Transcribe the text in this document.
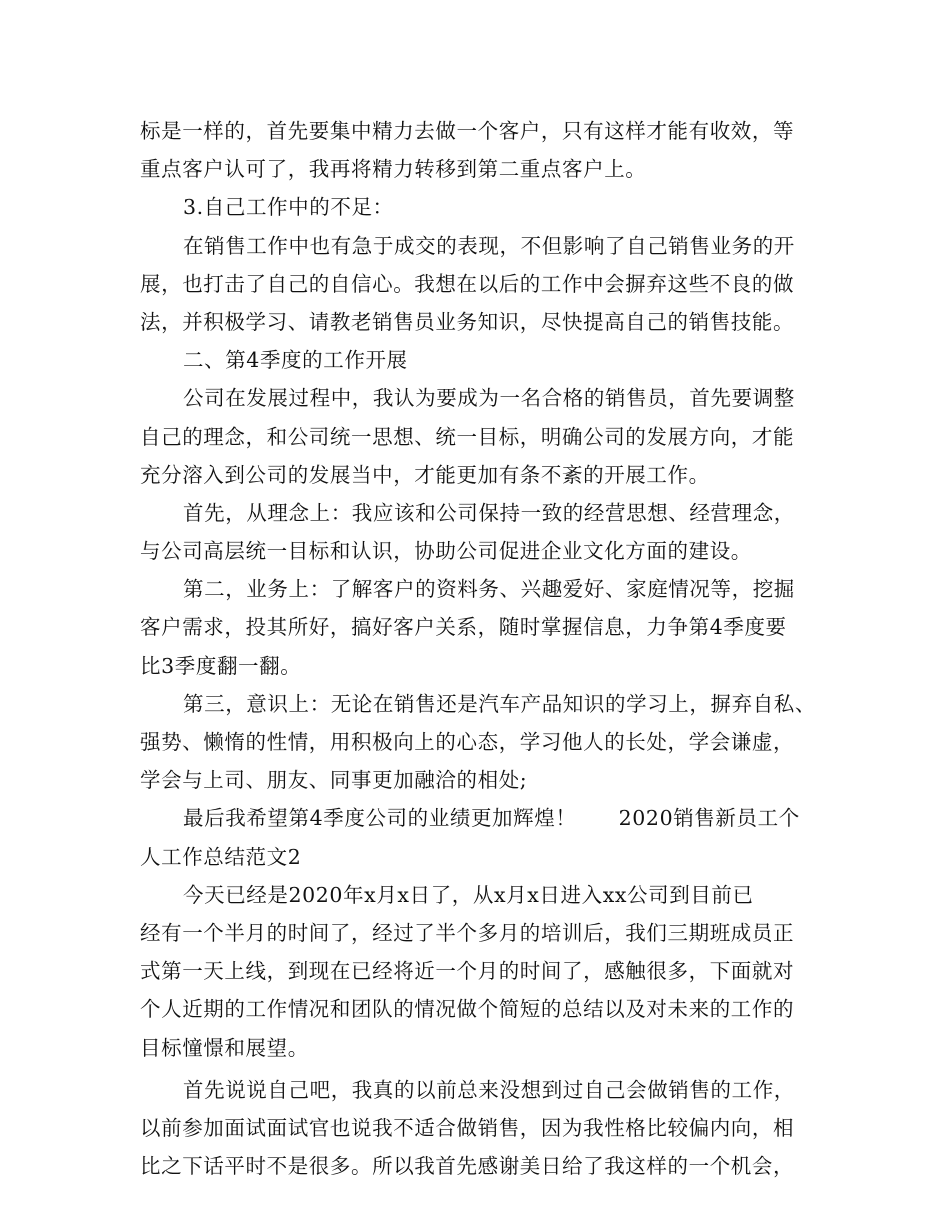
标是一样的，首先要集中精力去做一个客户，只有这样才能有收效，等
重点客户认可了，我再将精力转移到第二重点客户上。
3.自己工作中的不足：
在销售工作中也有急于成交的表现，不但影响了自己销售业务的开
展，也打击了自己的自信心。我想在以后的工作中会摒弃这些不良的做
法，并积极学习、请教老销售员业务知识，尽快提高自己的销售技能。
二、第4季度的工作开展
公司在发展过程中，我认为要成为一名合格的销售员，首先要调整
自己的理念，和公司统一思想、统一目标，明确公司的发展方向，才能
充分溶入到公司的发展当中，才能更加有条不紊的开展工作。
首先，从理念上：我应该和公司保持一致的经营思想、经营理念，
与公司高层统一目标和认识，协助公司促进企业文化方面的建设。
第二，业务上：了解客户的资料务、兴趣爱好、家庭情况等，挖掘
客户需求，投其所好，搞好客户关系，随时掌握信息，力争第4季度要
比3季度翻一翻。
第三，意识上：无论在销售还是汽车产品知识的学习上，摒弃自私、
强势、懒惰的性情，用积极向上的心态，学习他人的长处，学会谦虚，
学会与上司、朋友、同事更加融洽的相处;
最后我希望第4季度公司的业绩更加辉煌！　　2020销售新员工个
人工作总结范文2
今天已经是2020年x月x日了，从x月x日进入xx公司到目前已
经有一个半月的时间了，经过了半个多月的培训后，我们三期班成员正
式第一天上线，到现在已经将近一个月的时间了，感触很多，下面就对
个人近期的工作情况和团队的情况做个简短的总结以及对未来的工作的
目标憧憬和展望。
首先说说自己吧，我真的以前总来没想到过自己会做销售的工作，
以前参加面试面试官也说我不适合做销售，因为我性格比较偏内向，相
比之下话平时不是很多。所以我首先感谢美日给了我这样的一个机会，
